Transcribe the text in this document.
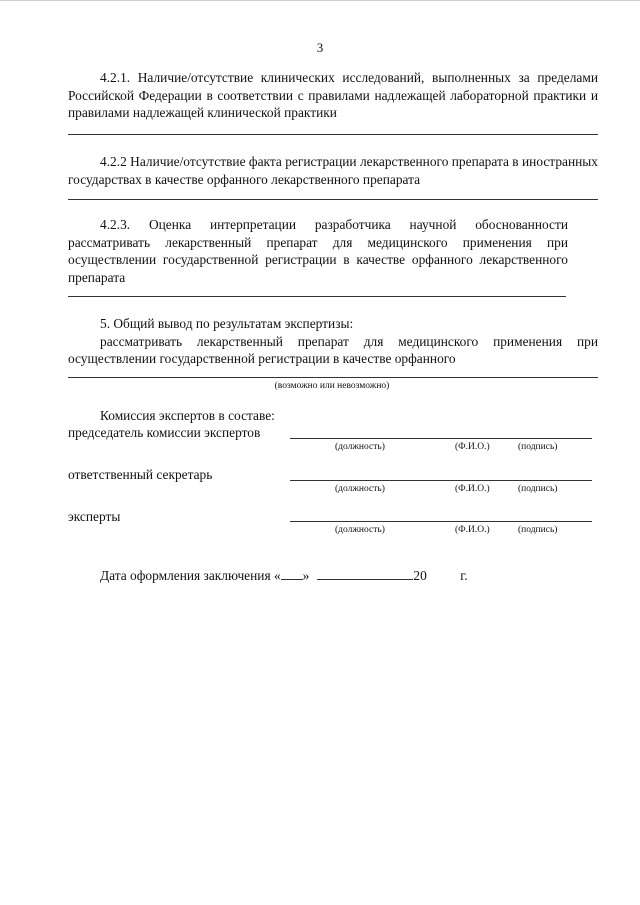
3
4.2.1. Наличие/отсутствие клинических исследований, выполненных за пределами Российской Федерации в соответствии с правилами надлежащей лабораторной практики и правилами надлежащей клинической практики
4.2.2 Наличие/отсутствие факта регистрации лекарственного препарата в иностранных государствах в качестве орфанного лекарственного препарата
4.2.3. Оценка интерпретации разработчика научной обоснованности рассматривать лекарственный препарат для медицинского применения при осуществлении государственной регистрации в качестве орфанного лекарственного препарата
5. Общий вывод по результатам экспертизы:
рассматривать лекарственный препарат для медицинского применения при осуществлении государственной регистрации в качестве орфанного
(возможно или невозможно)
Комиссия экспертов в составе:
председатель комиссии экспертов
(должность)	(Ф.И.О.)	(подпись)
ответственный секретарь
(должность)	(Ф.И.О.)	(подпись)
эксперты
(должность)	(Ф.И.О.)	(подпись)
Дата оформления заключения « »	20 г.
